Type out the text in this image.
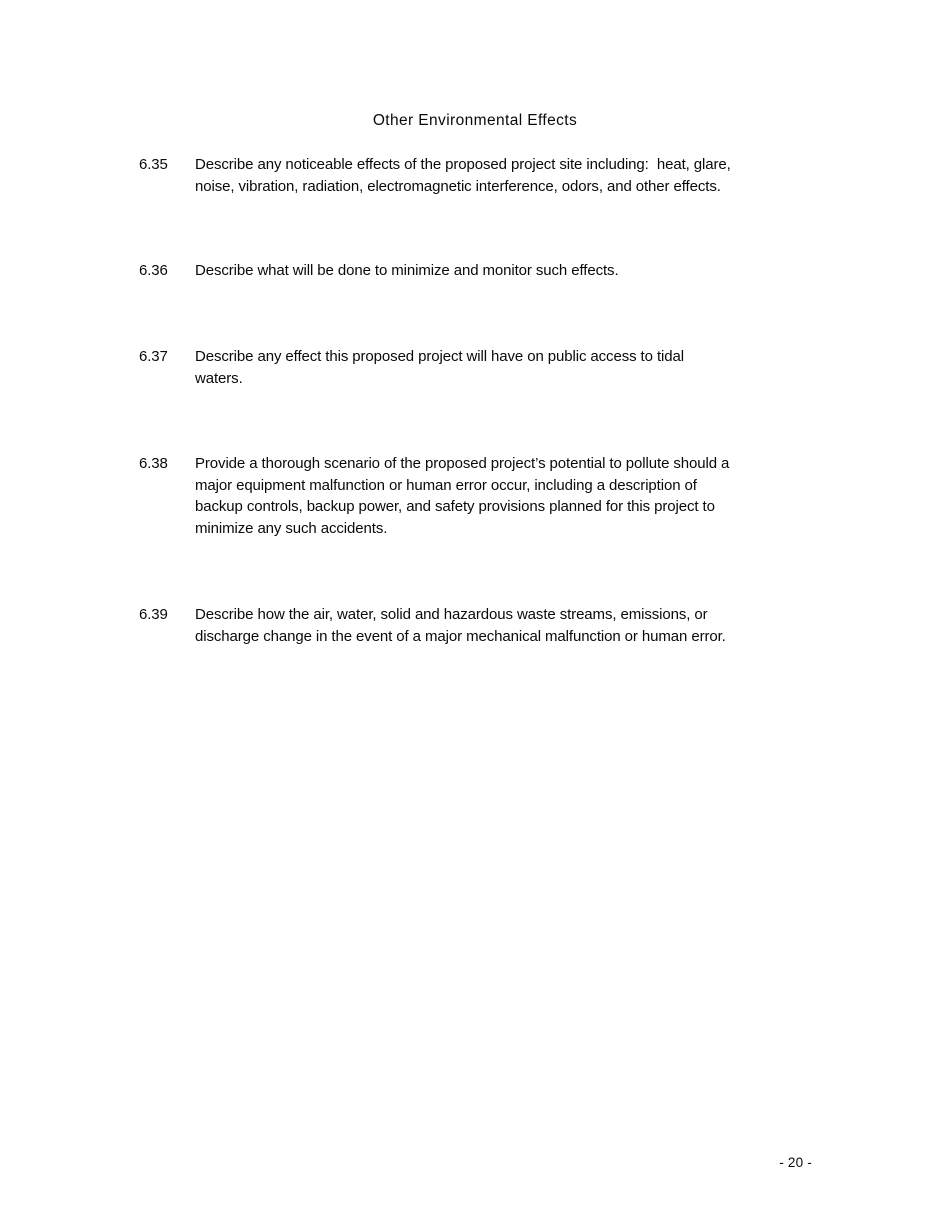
Other Environmental Effects
6.35	Describe any noticeable effects of the proposed project site including:  heat, glare,
noise, vibration, radiation, electromagnetic interference, odors, and other effects.
6.36	Describe what will be done to minimize and monitor such effects.
6.37	Describe any effect this proposed project will have on public access to tidal
waters.
6.38	Provide a thorough scenario of the proposed project’s potential to pollute should a
major equipment malfunction or human error occur, including a description of
backup controls, backup power, and safety provisions planned for this project to
minimize any such accidents.
6.39	Describe how the air, water, solid and hazardous waste streams, emissions, or
discharge change in the event of a major mechanical malfunction or human error.
- 20 -
